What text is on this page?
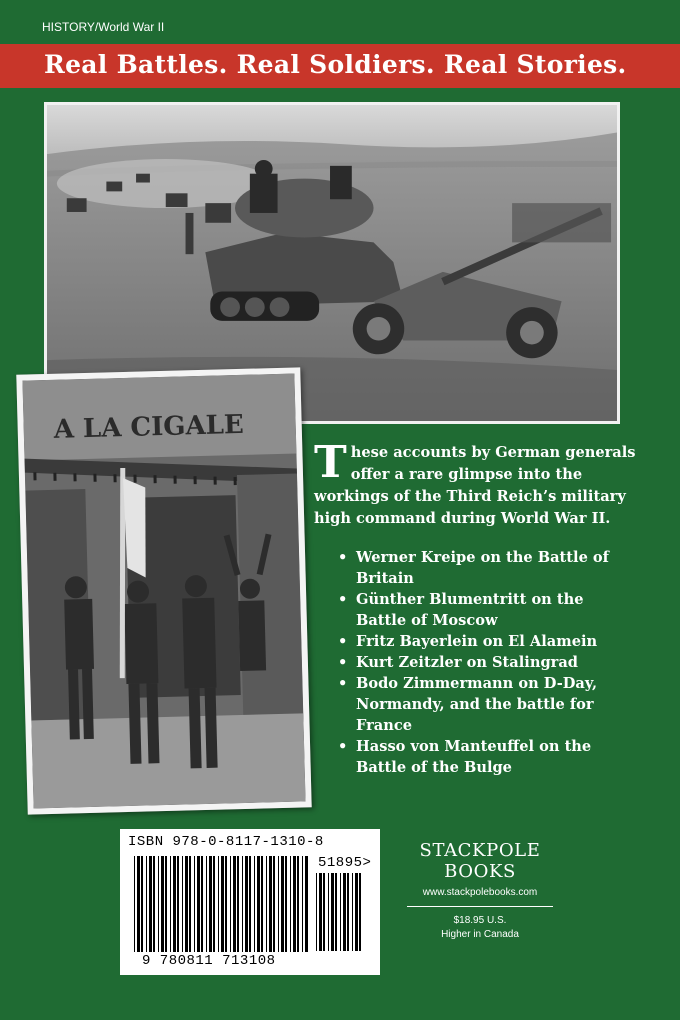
HISTORY/World War II
Real Battles. Real Soldiers. Real Stories.
A LA CIGALE
These accounts by German generals offer a rare glimpse into the workings of the Third Reich’s military high command during World War II.
• Werner Kreipe on the Battle of Britain
• Günther Blumentritt on the Battle of Moscow
• Fritz Bayerlein on El Alamein
• Kurt Zeitzler on Stalingrad
• Bodo Zimmermann on D-Day, Normandy, and the battle for France
• Hasso von Manteuffel on the Battle of the Bulge
ISBN 978-0-8117-1310-8
51895>
9 780811 713108
STACKPOLE
BOOKS
www.stackpolebooks.com
$18.95 U.S.
Higher in Canada
